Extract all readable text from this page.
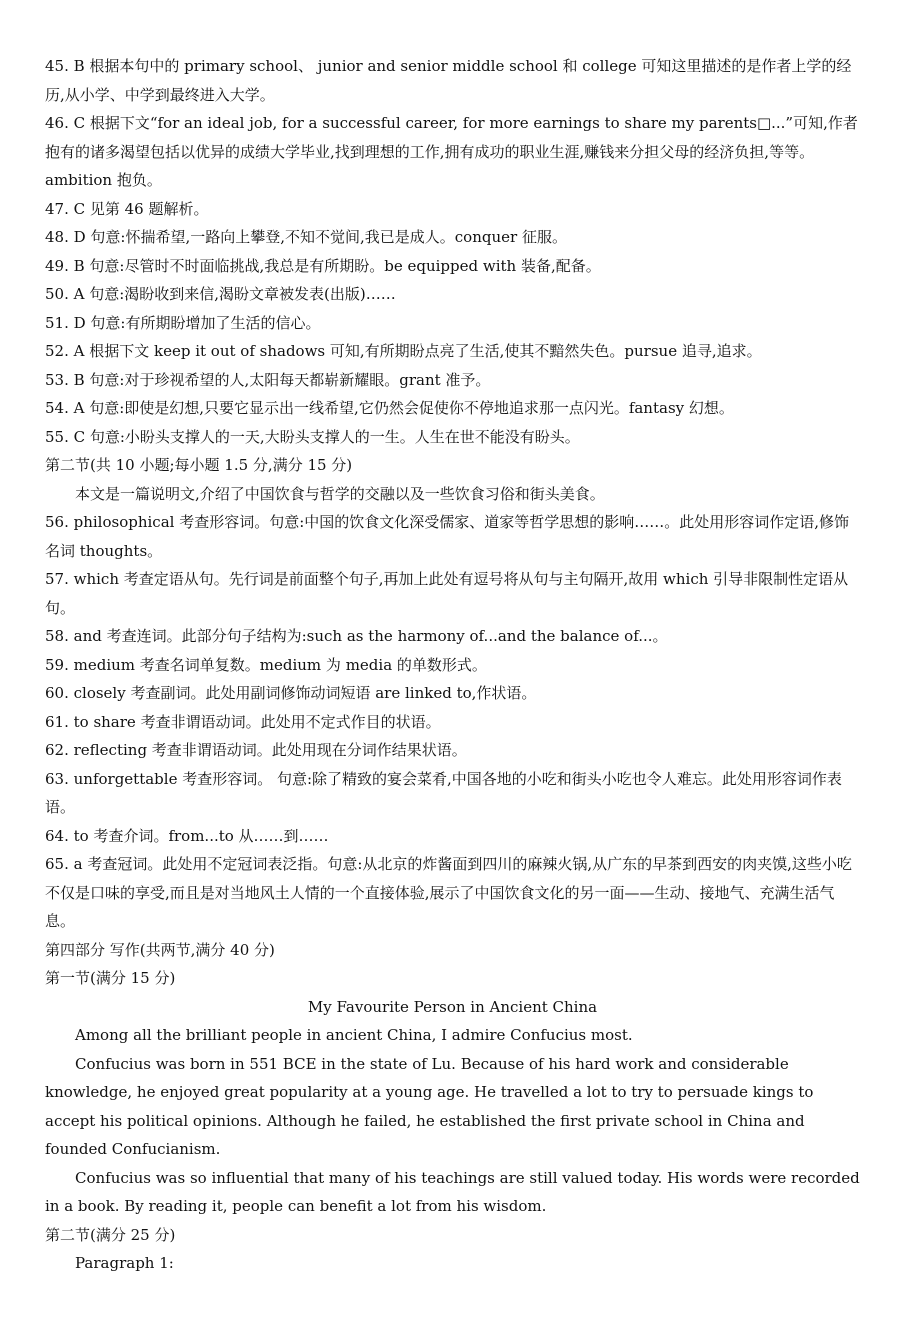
45. B 根据本句中的 primary school、 junior and senior middle school 和 college 可知这里描述的是作者上学的经历,从小学、中学到最终进入大学。

46. C 根据下文“for an ideal job, for a successful career, for more earnings to share my parents□...”可知,作者抱有的诸多渴望包括以优异的成绩大学毕业,找到理想的工作,拥有成功的职业生涯,赚钱来分担父母的经济负担,等等。ambition 抱负。

47. C 见第 46 题解析。

48. D 句意:怀揣希望,一路向上攀登,不知不觉间,我已是成人。conquer 征服。

49. B 句意:尽管时不时面临挑战,我总是有所期盼。be equipped with 装备,配备。

50. A 句意:渴盼收到来信,渴盼文章被发表(出版)……

51. D 句意:有所期盼增加了生活的信心。

52. A 根据下文 keep it out of shadows 可知,有所期盼点亮了生活,使其不黯然失色。pursue 追寻,追求。

53. B 句意:对于珍视希望的人,太阳每天都崭新耀眼。grant 准予。

54. A 句意:即使是幻想,只要它显示出一线希望,它仍然会促使你不停地追求那一点闪光。fantasy 幻想。

55. C 句意:小盼头支撑人的一天,大盼头支撑人的一生。人生在世不能没有盼头。

第二节(共 10 小题;每小题 1.5 分,满分 15 分)

本文是一篇说明文,介绍了中国饮食与哲学的交融以及一些饮食习俗和街头美食。

56. philosophical 考查形容词。句意:中国的饮食文化深受儒家、道家等哲学思想的影响……。此处用形容词作定语,修饰名词 thoughts。

57. which 考查定语从句。先行词是前面整个句子,再加上此处有逗号将从句与主句隔开,故用 which 引导非限制性定语从句。

58. and 考查连词。此部分句子结构为:such as the harmony of...and the balance of...。

59. medium 考查名词单复数。medium 为 media 的单数形式。

60. closely 考查副词。此处用副词修饰动词短语 are linked to,作状语。

61. to share 考查非谓语动词。此处用不定式作目的状语。

62. reflecting 考查非谓语动词。此处用现在分词作结果状语。

63. unforgettable 考查形容词。 句意:除了精致的宴会菜肴,中国各地的小吃和街头小吃也令人难忘。此处用形容词作表语。

64. to 考查介词。from...to 从……到……

65. a 考查冠词。此处用不定冠词表泛指。句意:从北京的炸酱面到四川的麻辣火锅,从广东的早茶到西安的肉夹馍,这些小吃不仅是口味的享受,而且是对当地风土人情的一个直接体验,展示了中国饮食文化的另一面——生动、接地气、充满生活气息。

第四部分 写作(共两节,满分 40 分)

第一节(满分 15 分)

My Favourite Person in Ancient China

Among all the brilliant people in ancient China, I admire Confucius most.

Confucius was born in 551 BCE in the state of Lu. Because of his hard work and considerable knowledge, he enjoyed great popularity at a young age. He travelled a lot to try to persuade kings to accept his political opinions. Although he failed, he established the first private school in China and founded Confucianism.

Confucius was so influential that many of his teachings are still valued today. His words were recorded in a book. By reading it, people can benefit a lot from his wisdom.

第二节(满分 25 分)

Paragraph 1:
